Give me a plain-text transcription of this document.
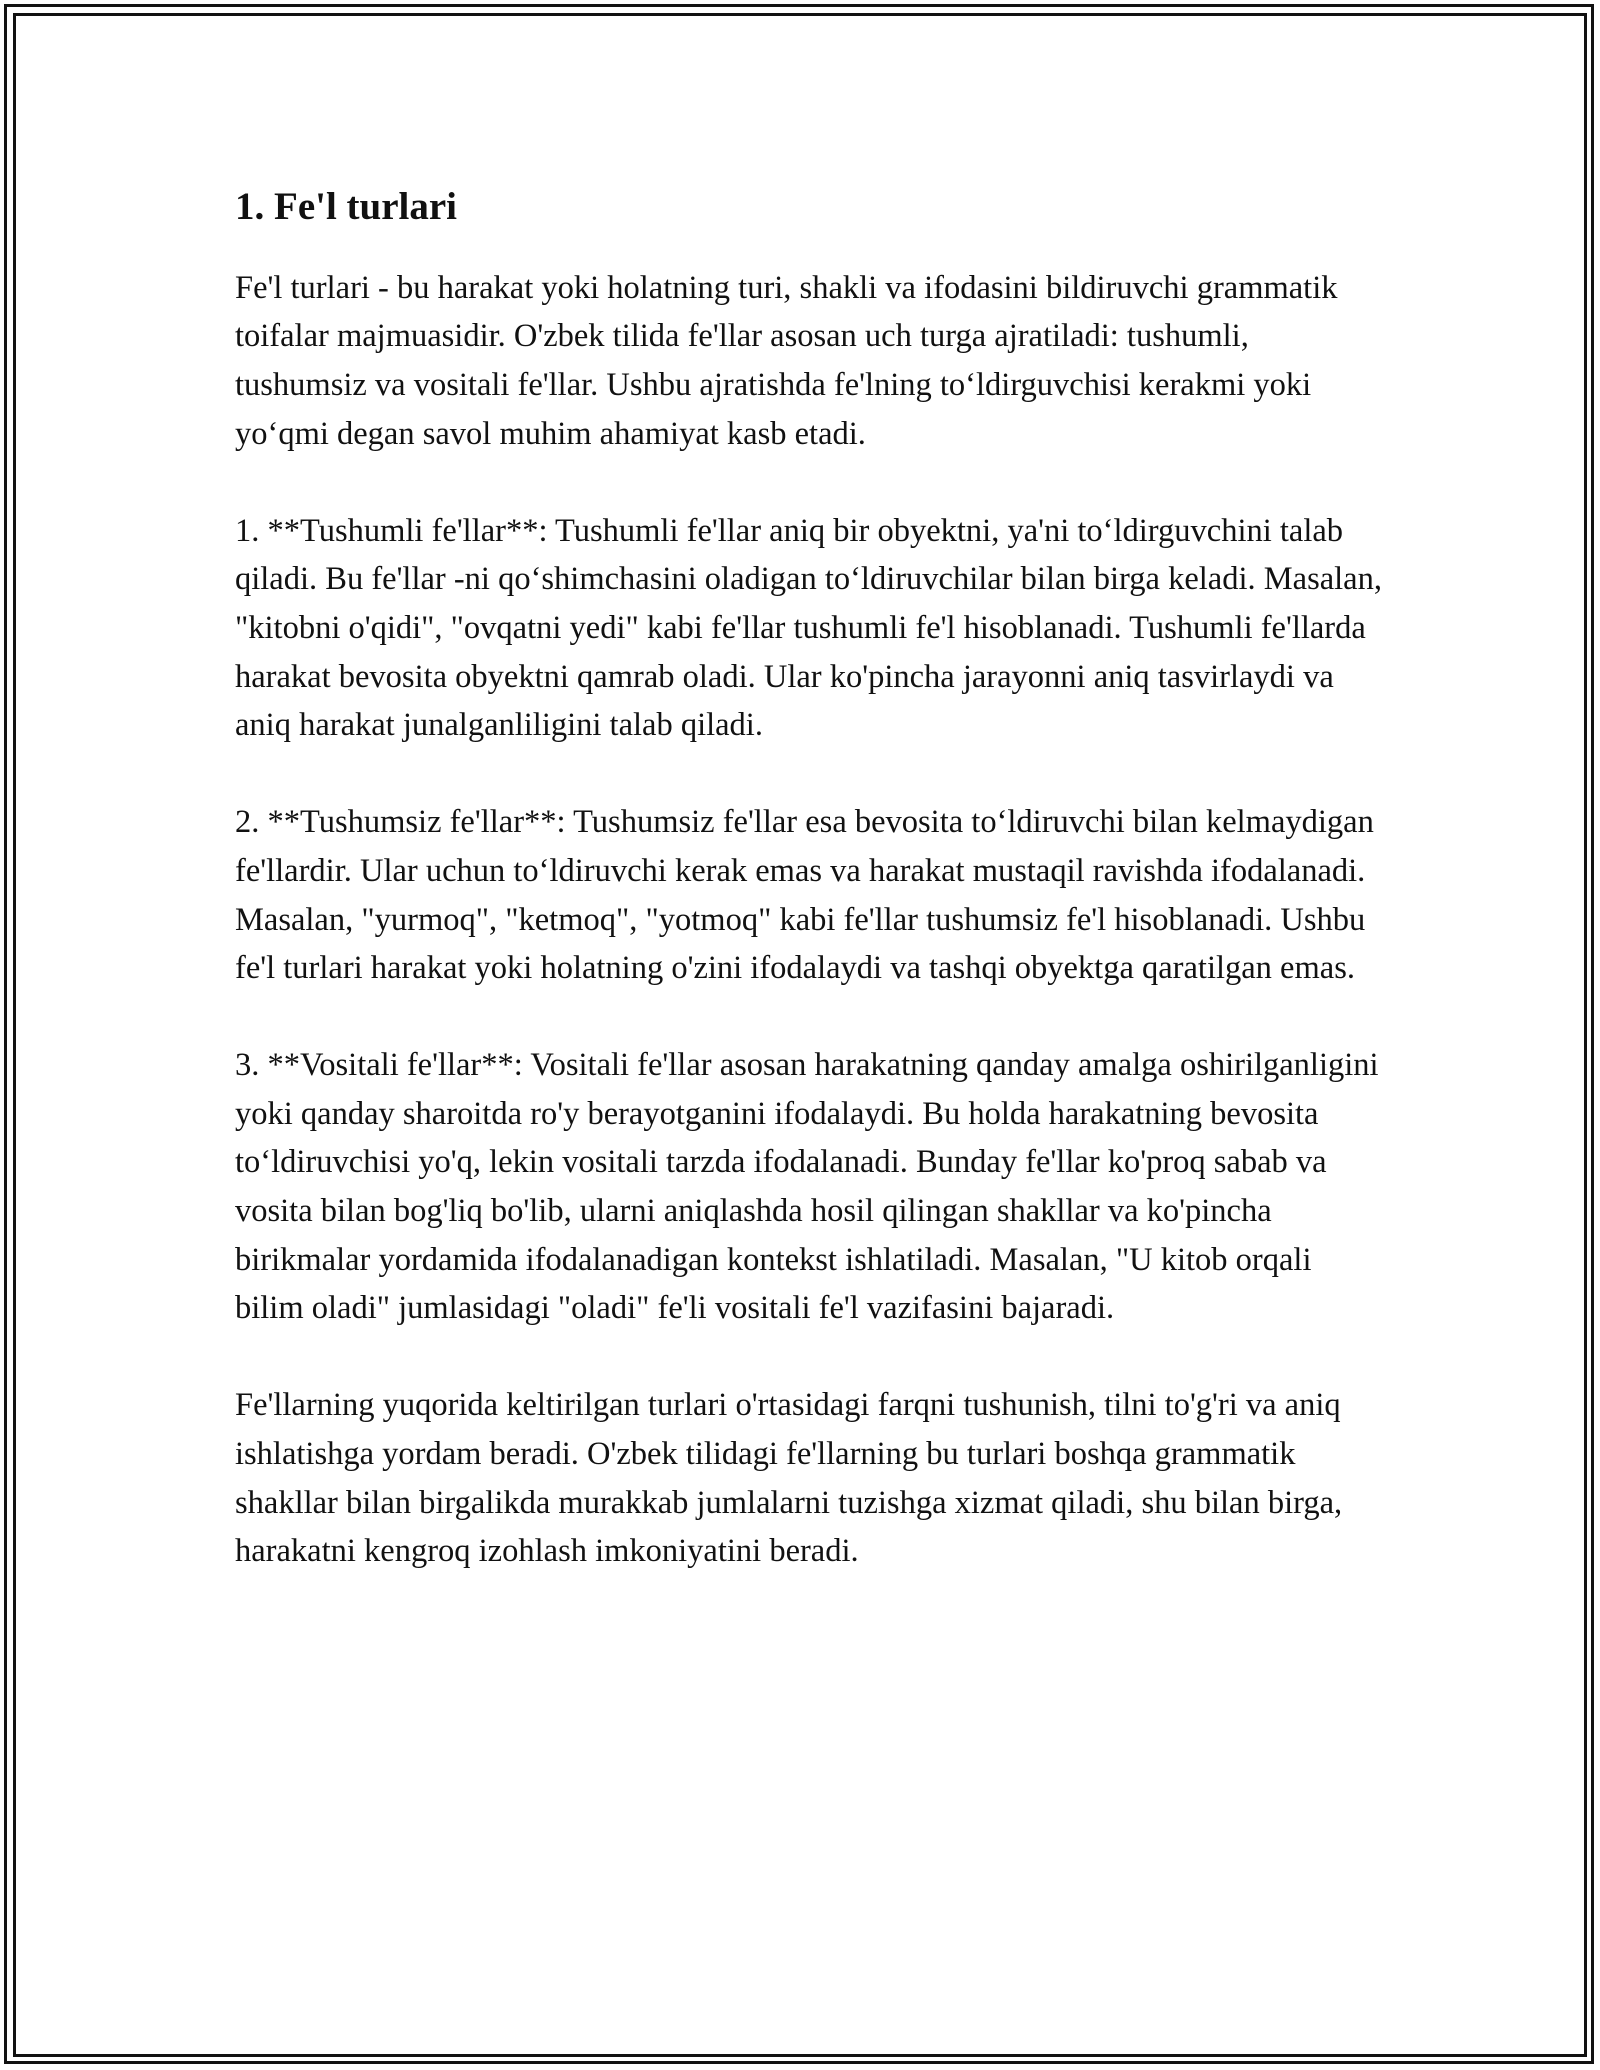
1. Fe'l turlari

Fe'l turlari - bu harakat yoki holatning turi, shakli va ifodasini bildiruvchi grammatik toifalar majmuasidir. O'zbek tilida fe'llar asosan uch turga ajratiladi: tushumli, tushumsiz va vositali fe'llar. Ushbu ajratishda fe'lning to‘ldirguvchisi kerakmi yoki yo‘qmi degan savol muhim ahamiyat kasb etadi.

1. **Tushumli fe'llar**: Tushumli fe'llar aniq bir obyektni, ya'ni to‘ldirguvchini talab qiladi. Bu fe'llar -ni qo‘shimchasini oladigan to‘ldiruvchilar bilan birga keladi. Masalan, "kitobni o'qidi", "ovqatni yedi" kabi fe'llar tushumli fe'l hisoblanadi. Tushumli fe'llarda harakat bevosita obyektni qamrab oladi. Ular ko'pincha jarayonni aniq tasvirlaydi va aniq harakat junalganliligini talab qiladi.

2. **Tushumsiz fe'llar**: Tushumsiz fe'llar esa bevosita to‘ldiruvchi bilan kelmaydigan fe'llardir. Ular uchun to‘ldiruvchi kerak emas va harakat mustaqil ravishda ifodalanadi. Masalan, "yurmoq", "ketmoq", "yotmoq" kabi fe'llar tushumsiz fe'l hisoblanadi. Ushbu fe'l turlari harakat yoki holatning o'zini ifodalaydi va tashqi obyektga qaratilgan emas.

3. **Vositali fe'llar**: Vositali fe'llar asosan harakatning qanday amalga oshirilganligini yoki qanday sharoitda ro'y berayotganini ifodalaydi. Bu holda harakatning bevosita to‘ldiruvchisi yo'q, lekin vositali tarzda ifodalanadi. Bunday fe'llar ko'proq sabab va vosita bilan bog'liq bo'lib, ularni aniqlashda hosil qilingan shakllar va ko'pincha birikmalar yordamida ifodalanadigan kontekst ishlatiladi. Masalan, "U kitob orqali bilim oladi" jumlasidagi "oladi" fe'li vositali fe'l vazifasini bajaradi.

Fe'llarning yuqorida keltirilgan turlari o'rtasidagi farqni tushunish, tilni to'g'ri va aniq ishlatishga yordam beradi. O'zbek tilidagi fe'llarning bu turlari boshqa grammatik shakllar bilan birgalikda murakkab jumlalarni tuzishga xizmat qiladi, shu bilan birga, harakatni kengroq izohlash imkoniyatini beradi.
